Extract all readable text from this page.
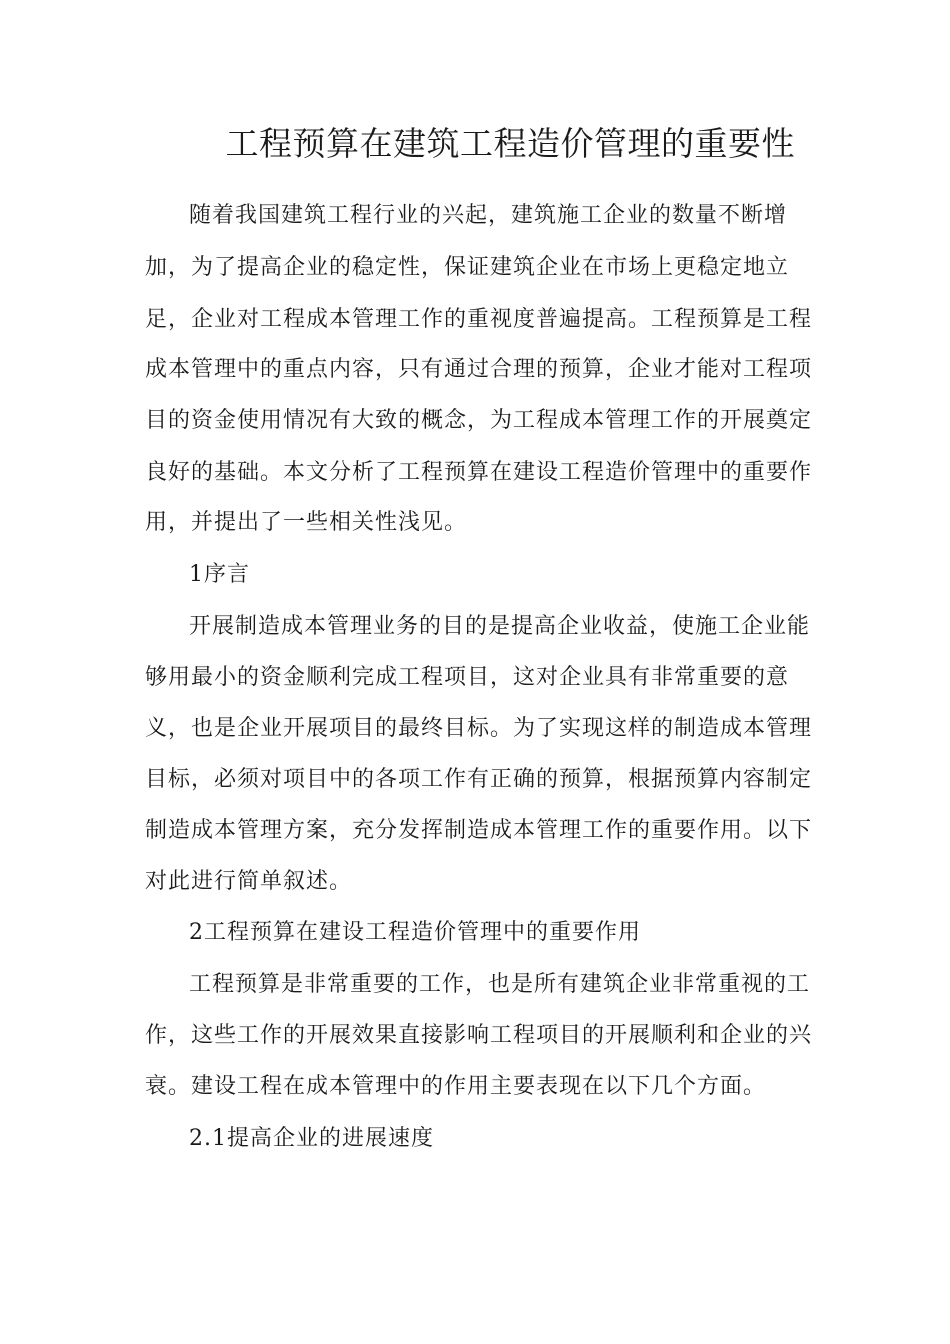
工程预算在建筑工程造价管理的重要性
随着我国建筑工程行业的兴起，建筑施工企业的数量不断增
加，为了提高企业的稳定性，保证建筑企业在市场上更稳定地立
足，企业对工程成本管理工作的重视度普遍提高。工程预算是工程
成本管理中的重点内容，只有通过合理的预算，企业才能对工程项
目的资金使用情况有大致的概念，为工程成本管理工作的开展奠定
良好的基础。本文分析了工程预算在建设工程造价管理中的重要作
用，并提出了一些相关性浅见。
1序言
开展制造成本管理业务的目的是提高企业收益，使施工企业能
够用最小的资金顺利完成工程项目，这对企业具有非常重要的意
义，也是企业开展项目的最终目标。为了实现这样的制造成本管理
目标，必须对项目中的各项工作有正确的预算，根据预算内容制定
制造成本管理方案，充分发挥制造成本管理工作的重要作用。以下
对此进行简单叙述。
2工程预算在建设工程造价管理中的重要作用
工程预算是非常重要的工作，也是所有建筑企业非常重视的工
作，这些工作的开展效果直接影响工程项目的开展顺利和企业的兴
衰。建设工程在成本管理中的作用主要表现在以下几个方面。
2.1提高企业的进展速度
